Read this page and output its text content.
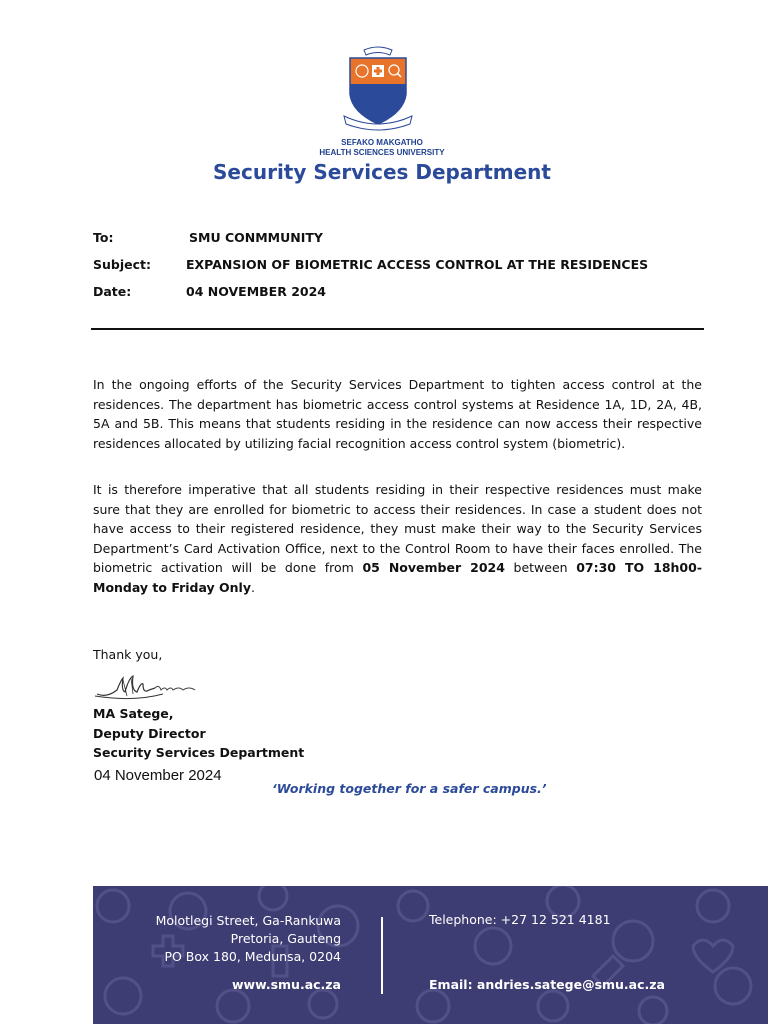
SEFAKO MAKGATHO
HEALTH SCIENCES UNIVERSITY
Security Services Department
To:	SMU CONMMUNITY
Subject:	EXPANSION OF BIOMETRIC ACCESS CONTROL AT THE RESIDENCES
Date:	04 NOVEMBER 2024
In the ongoing efforts of the Security Services Department to tighten access control at the residences. The department has biometric access control systems at Residence 1A, 1D, 2A, 4B, 5A and 5B. This means that students residing in the residence can now access their respective residences allocated by utilizing facial recognition access control system (biometric).
It is therefore imperative that all students residing in their respective residences must make sure that they are enrolled for biometric to access their residences. In case a student does not have access to their registered residence, they must make their way to the Security Services Department’s Card Activation Office, next to the Control Room to have their faces enrolled. The biometric activation will be done from 05 November 2024 between 07:30 TO 18h00- Monday to Friday Only.
Thank you,
MA Satege,
Deputy Director
Security Services Department
04 November 2024
‘Working together for a safer campus.’
Molotlegi Street, Ga-Rankuwa
Pretoria, Gauteng
PO Box 180, Medunsa, 0204
www.smu.ac.za
Telephone: +27 12 521 4181
Email: andries.satege@smu.ac.za
